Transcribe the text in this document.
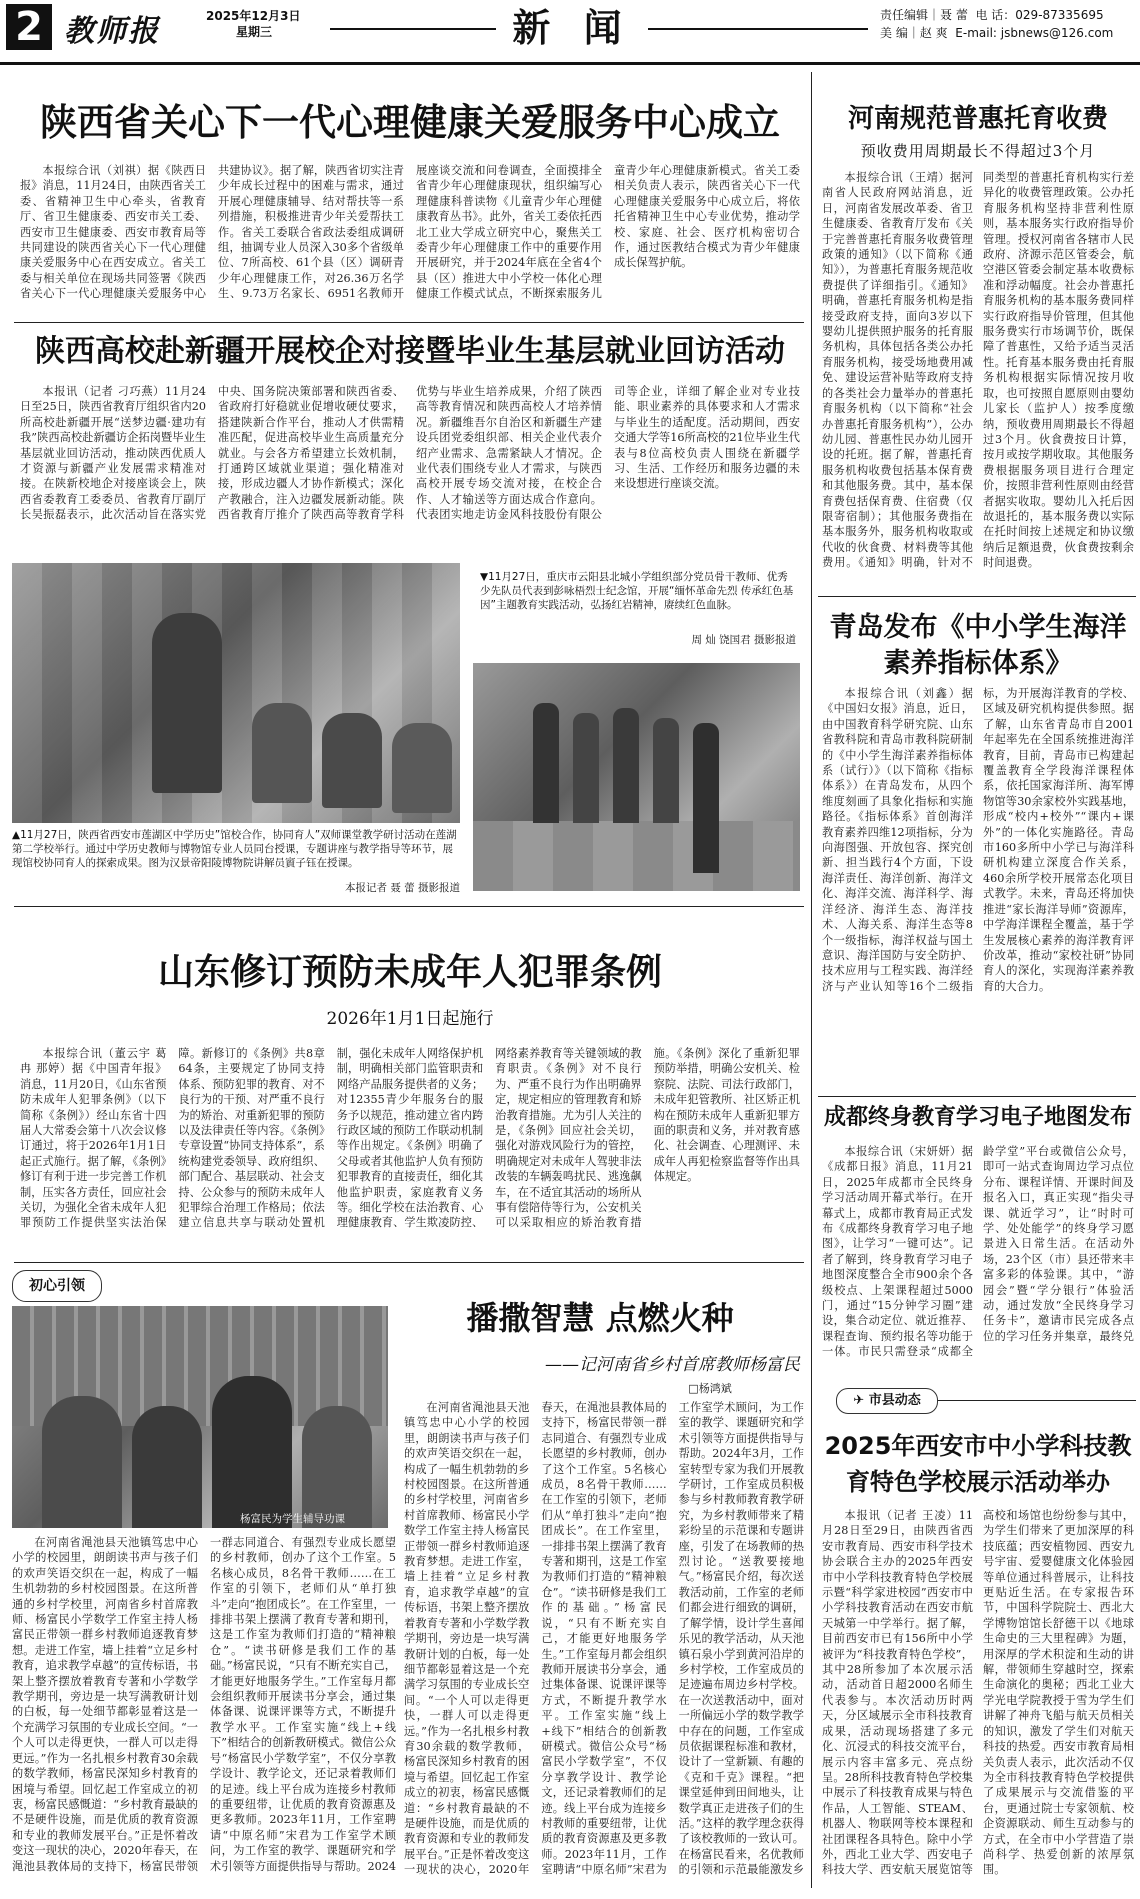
2 教师报	2025年12月3日
星期三	新 闻	责任编辑｜聂 蕾 电 话：029-87335695
美 编｜赵 爽 E-mail: jsbnews@126.com
陕西省关心下一代心理健康关爱服务中心成立

本报综合讯（刘祺）据《陕西日报》消息，11月24日，由陕西省关工委、省精神卫生中心牵头，省教育厅、省卫生健康委、西安市关工委、西安市卫生健康委、西安市教育局等共同建设的陕西省关心下一代心理健康关爱服务中心在西安成立。省关工委与相关单位在现场共同签署《陕西省关心下一代心理健康关爱服务中心共建协议》。据了解，陕西省切实注青少年成长过程中的困难与需求，通过开展心理健康辅导、结对帮扶等一系列措施，积极推进青少年关爱帮扶工作。省关工委联合省政法委组成调研组，抽调专业人员深入30多个省级单位、7所高校、61个县（区）调研青少年心理健康工作，对26.36万名学生、9.73万名家长、6951名教师开展座谈交流和问卷调查，全面摸排全省青少年心理健康现状，组织编写心理健康科普读物《儿童青少年心理健康教育丛书》。此外，省关工委依托西北工业大学成立研究中心，聚焦关工委青少年心理健康工作中的重要作用开展研究，并于2024年底在全省4个县（区）推进大中小学校一体化心理健康工作模式试点，不断探索服务儿童青少年心理健康新模式。省关工委相关负责人表示，陕西省关心下一代心理健康关爱服务中心成立后，将依托省精神卫生中心专业优势，推动学校、家庭、社会、医疗机构密切合作，通过医教结合模式为青少年健康成长保驾护航。

陕西高校赴新疆开展校企对接暨毕业生基层就业回访活动

本报讯（记者 刁巧燕）11月24日至25日，陕西省教育厅组织省内20所高校赴新疆开展“送梦边疆·建功有我”陕西高校赴新疆访企拓岗暨毕业生基层就业回访活动，推动陕西优质人才资源与新疆产业发展需求精准对接。在陕新校地企对接座谈会上，陕西省委教育工委委员、省教育厅副厅长吴振磊表示，此次活动旨在落实党中央、国务院决策部署和陕西省委、省政府打好稳就业促增收硬仗要求，搭建陕新合作平台，推动人才供需精准匹配，促进高校毕业生高质量充分就业。与会各方希望建立长效机制，打通跨区域就业渠道；强化精准对接，形成边疆人才协作新模式；深化产教融合，注入边疆发展新动能。陕西省教育厅推介了陕西高等教育学科优势与毕业生培养成果，介绍了陕西高等教育情况和陕西高校人才培养情况。新疆维吾尔自治区和新疆生产建设兵团党委组织部、相关企业代表介绍产业需求、急需紧缺人才情况。企业代表们围绕专业人才需求，与陕西高校开展专场交流对接，在校企合作、人才输送等方面达成合作意向。代表团实地走访金风科技股份有限公司等企业，详细了解企业对专业技能、职业素养的具体要求和人才需求与毕业生的适配度。活动期间，西安交通大学等16所高校的21位毕业生代表与8位高校负责人围绕在新疆学习、生活、工作经历和服务边疆的未来设想进行座谈交流。

▲11月27日，陕西省西安市莲湖区中学历史”馆校合作，协同育人”双师课堂教学研讨活动在莲湖第二学校举行。通过中学历史教师与博物馆专业人员同台授课，专题讲座与教学指导等环节，展现馆校协同育人的探索成果。图为汉景帝阳陵博物院讲解员賨子钰在授课。
本报记者 聂 蕾 摄影报道
▼11月27日，重庆市云阳县北城小学组织部分党员骨干教师、优秀少先队员代表到彭咏梧烈士纪念馆，开展“缅怀革命先烈 传承红色基因”主题教育实践活动，弘扬红岩精神，赓续红色血脉。
周 灿 饶国君 摄影报道
山东修订预防未成年人犯罪条例
2026年1月1日起施行

本报综合讯（董云宇 葛冉 那婷）据《中国青年报》消息，11月20日，《山东省预防未成年人犯罪条例》（以下简称《条例》）经山东省十四届人大常委会第十八次会议修订通过，将于2026年1月1日起正式施行。据了解，《条例》修订有利于进一步完善工作机制，压实各方责任，回应社会关切，为强化全省未成年人犯罪预防工作提供坚实法治保障。新修订的《条例》共8章64条，主要规定了协同支持体系、预防犯罪的教育、对不良行为的干预、对严重不良行为的矫治、对重新犯罪的预防以及法律责任等内容。《条例》专章设置“协同支持体系”，系统构建党委领导、政府组织、部门配合、基层联动、社会支持、公众参与的预防未成年人犯罪综合治理工作格局；依法建立信息共享与联动处置机制，强化未成年人网络保护机制，明确相关部门监管职责和网络产品服务提供者的义务；对12355青少年服务台的服务予以规范，推动建立省内跨行政区域的预防工作联动机制等作出规定。《条例》明确了父母或者其他监护人负有预防犯罪教育的直接责任，细化其他监护职责，家庭教育义务等。细化学校在法治教育、心理健康教育、学生欺凌防控、网络素养教育等关键领域的教育职责。《条例》对不良行为、严重不良行为作出明确界定，规定相应的管理教育和矫治教育措施。尤为引人关注的是，《条例》回应社会关切，强化对游戏风险行为的管控，明确规定对未成年人驾驶非法改装的车辆轰鸣扰民、逃逸飙车，在不适宜其活动的场所从事有偿陪侍等行为，公安机关可以采取相应的矫治教育措施。《条例》深化了重新犯罪预防举措，明确公安机关、检察院、法院、司法行政部门，未成年犯管教所、社区矫正机构在预防未成年人重新犯罪方面的职责和义务，并对教育感化、社会调查、心理测评、未成年人再犯检察监督等作出具体规定。

初心引领
杨富民为学生辅导功课
播撒智慧 点燃火种
——记河南省乡村首席教师杨富民
□杨鸿斌

在河南省渑池县天池镇笃忠中心小学的校园里，朗朗读书声与孩子们的欢声笑语交织在一起，构成了一幅生机勃勃的乡村校园图景。在这所普通的乡村学校里，河南省乡村首席教师、杨富民小学数学工作室主持人杨富民正带领一群乡村教师追逐教育梦想。走进工作室，墙上挂着“立足乡村教育，追求教学卓越”的宣传标语，书架上整齐摆放着教育专著和小学数学教学期刊，旁边是一块写满教研计划的白板，每一处细节都彰显着这是一个充满学习氛围的专业成长空间。“一个人可以走得更快，一群人可以走得更远。”作为一名扎根乡村教育30余载的数学教师，杨富民深知乡村教育的困境与希望。回忆起工作室成立的初衷，杨富民感慨道：“乡村教育最缺的不是硬件设施，而是优质的教育资源和专业的教师发展平台。”正是怀着改变这一现状的决心，2020年春天，在渑池县教体局的支持下，杨富民带领一群志同道合、有强烈专业成长愿望的乡村教师，创办了这个工作室。5名核心成员，8名骨干教师……在工作室的引领下，老师们从“单打独斗”走向“抱团成长”。在工作室里，一排排书架上摆满了教育专著和期刊，这是工作室为教师们打造的“精神粮仓”。“读书研修是我们工作的基础。”杨富民说，“只有不断充实自己，才能更好地服务学生。”工作室每月都会组织教师开展读书分享会，通过集体备课、说课评课等方式，不断提升教学水平。工作室实施“线上+线下”相结合的创新教研模式。微信公众号“杨富民小学数学室”，不仅分享教学设计、教学论文，还记录着教师们的足迹。线上平台成为连接乡村教师的重要纽带，让优质的教育资源惠及更多教师。2023年11月，工作室聘请“中原名师”宋君为工作室学术顾问，为工作室的教学、课题研究和学术引领等方面提供指导与帮助。2024

在河南省渑池县天池镇笃忠中心小学的校园里，朗朗读书声与孩子们的欢声笑语交织在一起，构成了一幅生机勃勃的乡村校园图景。在这所普通的乡村学校里，河南省乡村首席教师、杨富民小学数学工作室主持人杨富民正带领一群乡村教师追逐教育梦想。走进工作室，墙上挂着“立足乡村教育，追求教学卓越”的宣传标语，书架上整齐摆放着教育专著和小学数学教学期刊，旁边是一块写满教研计划的白板，每一处细节都彰显着这是一个充满学习氛围的专业成长空间。“一个人可以走得更快，一群人可以走得更远。”作为一名扎根乡村教育30余载的数学教师，杨富民深知乡村教育的困境与希望。回忆起工作室成立的初衷，杨富民感慨道：“乡村教育最缺的不是硬件设施，而是优质的教育资源和专业的教师发展平台。”正是怀着改变这一现状的决心，2020年春天，在渑池县教体局的支持下，杨富民带领一群志同道合、有强烈专业成长愿望的乡村教师，创办了这个工作室。5名核心成员，8名骨干教师……在工作室的引领下，老师们从“单打独斗”走向“抱团成长”。在工作室里，一排排书架上摆满了教育专著和期刊，这是工作室为教师们打造的“精神粮仓”。“读书研修是我们工作的基础。”杨富民说，“只有不断充实自己，才能更好地服务学生。”工作室每月都会组织教师开展读书分享会，通过集体备课、说课评课等方式，不断提升教学水平。工作室实施“线上+线下”相结合的创新教研模式。微信公众号“杨富民小学数学室”，不仅分享教学设计、教学论文，还记录着教师们的足迹。线上平台成为连接乡村教师的重要纽带，让优质的教育资源惠及更多教师。2023年11月，工作室聘请“中原名师”宋君为工作室学术顾问，为工作室的教学、课题研究和学术引领等方面提供指导与帮助。2024年3月，工作室转型专家为我们开展教学研讨，工作室成员积极参与乡村教师教育教学研究，为乡村教师带来了精彩纷呈的示范课和专题讲座，引发了在场教师的热烈讨论。“送教要接地气。”杨富民介绍，每次送教活动前，工作室的老师们都会进行细致的调研，了解学情，设计学生喜闻乐见的教学活动，从天池镇石泉小学到黄河沿岸的乡村学校，工作室成员的足迹遍布周边乡村学校。在一次送教活动中，面对一所偏远小学的数学教学中存在的问题，工作室成员依据课程标准和教材，设计了一堂新颖、有趣的《克和千克》课程。“把课堂延伸到田间地头，让数学真正走进孩子们的生活。”这样的教学理念获得了该校教师的一致认可。在杨富民看来，名优教师的引领和示范最能激发乡

河南规范普惠托育收费
预收费用周期最长不得超过3个月

本报综合讯（王靖）据河南省人民政府网站消息，近日，河南省发展改革委、省卫生健康委、省教育厅发布《关于完善普惠托育服务收费管理政策的通知》（以下简称《通知》），为普惠托育服务规范收费提供了详细指引。《通知》明确，普惠托育服务机构是指接受政府支持，面向3岁以下婴幼儿提供照护服务的托育服务机构，具体包括各类公办托育服务机构，接受场地费用减免、建设运营补贴等政府支持的各类社会力量举办的普惠托育服务机构（以下简称“社会办普惠托育服务机构”），公办幼儿园、普惠性民办幼儿园开设的托班。据了解，普惠托育服务机构收费包括基本保育费和其他服务费。其中，基本保育费包括保育费、住宿费（仅限寄宿制）；其他服务费指在基本服务外，服务机构收取或代收的伙食费、材料费等其他费用。《通知》明确，针对不同类型的普惠托育机构实行差异化的收费管理政策。公办托育服务机构坚持非营利性原则，基本服务实行政府指导价管理。授权河南省各辖市人民政府、济源示范区管委会，航空港区管委会制定基本收费标准和浮动幅度。社会办普惠托育服务机构的基本服务费同样实行政府指导价管理，但其他服务费实行市场调节价，既保障了普惠性，又给予适当灵活性。托育基本服务费由托育服务机构根据实际情况按月收取，也可按照自愿原则由婴幼儿家长（监护人）按季度缴纳，预收费用周期最长不得超过3个月。伙食费按日计算，按月或按学期收取。其他服务费根据服务项目进行合理定价，按照非营利性原则由经营者据实收取。婴幼儿入托后因故退托的，基本服务费以实际在托时间按上述规定和协议缴纳后足额退费，伙食费按剩余时间退费。

青岛发布《中小学生海洋素养指标体系》

本报综合讯（刘鑫）据《中国妇女报》消息，近日，由中国教育科学研究院、山东省教科院和青岛市教科院研制的《中小学生海洋素养指标体系（试行）》（以下简称《指标体系》）在青岛发布，从四个维度刻画了具象化指标和实施路径。《指标体系》首创海洋教育素养四维12项指标，分为向海图强、开放包容、探究创新、担当践行4个方面，下设海洋责任、海洋创新、海洋文化、海洋交流、海洋科学、海洋经济、海洋生态、海洋技术、人海关系、海洋生态等8个一级指标，海洋权益与国土意识、海洋国防与安全防护、技术应用与工程实践、海洋经济与产业认知等16个二级指标，为开展海洋教育的学校、区域及研究机构提供参照。据了解，山东省青岛市自2001年起率先在全国系统推进海洋教育，目前，青岛市已构建起覆盖教育全学段海洋课程体系，依托国家海洋所、海军博物馆等30余家校外实践基地，形成“校内+校外”“课内+课外”的一体化实施路径。青岛市160多所中小学已与海洋科研机构建立深度合作关系，460余所学校开展常态化项目式教学。未来，青岛还将加快推进“家长海洋导师”资源库，中学海洋课程全覆盖，基于学生发展核心素养的海洋教育评价改革，推动“家校社研”协同育人的深化，实现海洋素养教育的大合力。

成都终身教育学习电子地图发布

本报综合讯（宋妍妍）据《成都日报》消息，11月21日，2025年成都市全民终身学习活动周开幕式举行。在开幕式上，成都市教育局正式发布《成都终身教育学习电子地图》，让学习“一键可达”。记者了解到，终身教育学习电子地图深度整合全市900余个各级校点、上架课程超过5000门，通过“15分钟学习圈”建设，集合动定位、就近推荐、课程查询、预约报名等功能于一体。市民只需登录“成都全龄学堂”平台或微信公众号，即可一站式查询周边学习点位分布、课程详情、开课时间及报名入口，真正实现“指尖寻课、就近学习”，让“时时可学、处处能学”的终身学习愿景进入日常生活。在活动外场，23个区（市）县还带来丰富多彩的体验课。其中，“游园会”暨“学分银行”体验活动，通过发放“全民终身学习任务卡”，邀请市民完成各点位的学习任务并集章，最终兑

✈ 市县动态
2025年西安市中小学科技教育特色学校展示活动举办

本报讯（记者 王凌）11月28日至29日，由陕西省西安市教育局、西安市科学技术协会联合主办的2025年西安市中小学科技教育特色学校展示暨“科学家进校园”西安市中小学科技教育活动在西安市航天城第一中学举行。据了解，目前西安市已有156所中小学被评为“科技教育特色学校”，其中28所参加了本次展示活动，活动首日超2000名师生代表参与。本次活动历时两天，分区域展示全市科技教育成果，活动现场搭建了多元化、沉浸式的科技交流平台，展示内容丰富多元、亮点纷呈。28所科技教育特色学校集中展示了科技教育成果与特色作品，人工智能、STEAM、机器人、物联网等校本课程和社团课程各具特色。除中小学外，西北工业大学、西安电子科技大学、西安航天展览馆等高校和场馆也纷纷参与其中，为学生们带来了更加深厚的科技底蕴；西安植物园、西安九号宇宙、爱婴健康文化体验园等单位通过科普展示，让科技更贴近生活。在专家报告环节，中国科学院院士、西北大学博物馆馆长舒德干以《地球生命史的三大里程碑》为题，用深厚的学术积淀和生动的讲解，带领师生穿越时空，探索生命演化的奥秘；西北工业大学光电学院教授于雪为学生们讲解了神舟飞船与航天员相关的知识，激发了学生们对航天科技的热爱。西安市教育局相关负责人表示，此次活动不仅为全市科技教育特色学校提供了成果展示与交流借鉴的平台，更通过院士专家领航、校企资源联动、师生互动参与的方式，在全市中小学营造了崇尚科学、热爱创新的浓厚氛围。
